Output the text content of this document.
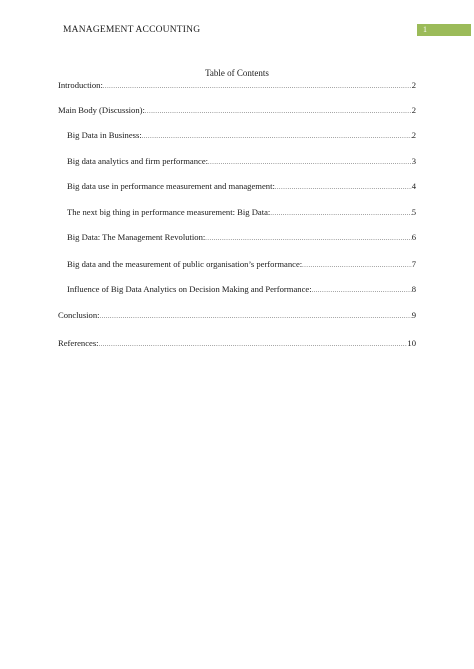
MANAGEMENT ACCOUNTING	1
Table of Contents
Introduction: .....	2
Main Body (Discussion): .....	2
Big Data in Business: .....	2
Big data analytics and firm performance: .....	3
Big data use in performance measurement and management: .....	4
The next big thing in performance measurement: Big Data: .....	5
Big Data: The Management Revolution: .....	6
Big data and the measurement of public organisation’s performance: .....	7
Influence of Big Data Analytics on Decision Making and Performance: .....	8
Conclusion: .....	9
References: .....	10
